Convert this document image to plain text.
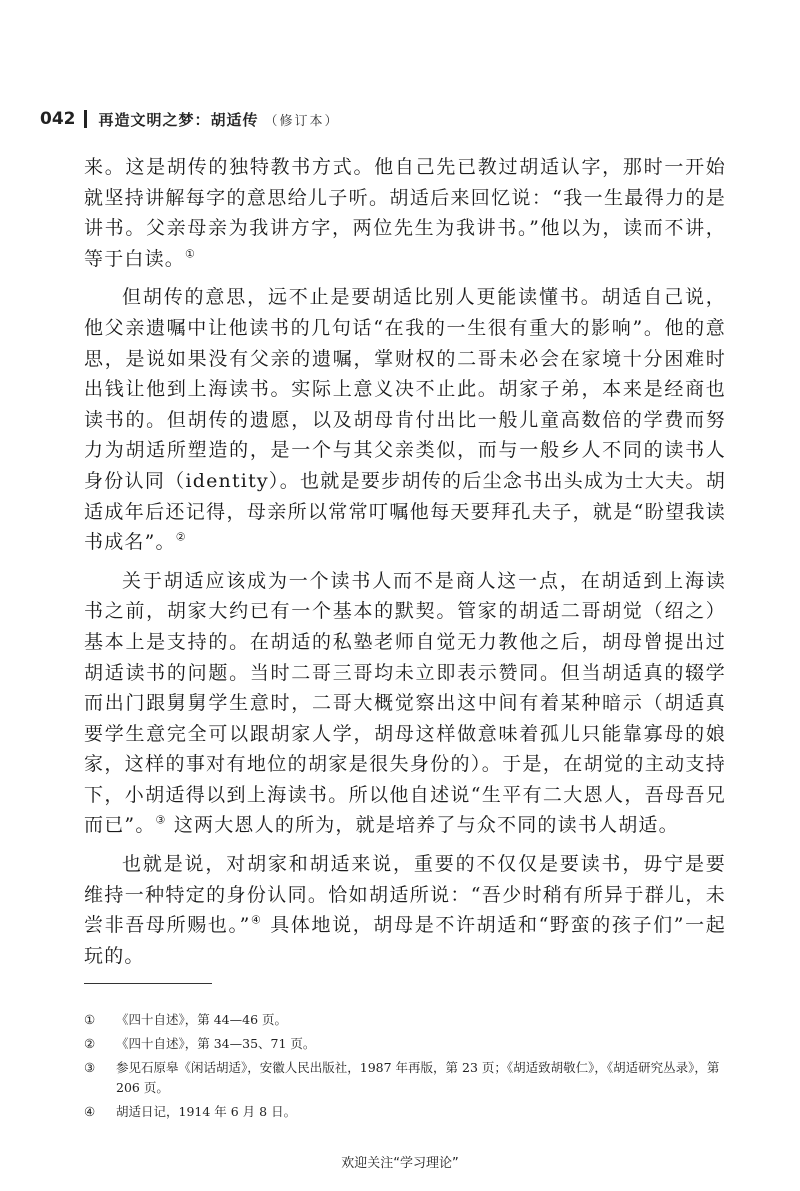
042 再造文明之梦：胡适传 （修订本）

来。这是胡传的独特教书方式。他自己先已教过胡适认字，那时一开始就坚持讲解每字的意思给儿子听。胡适后来回忆说：“我一生最得力的是讲书。父亲母亲为我讲方字，两位先生为我讲书。”他以为，读而不讲，等于白读。①

但胡传的意思，远不止是要胡适比别人更能读懂书。胡适自己说，他父亲遗嘱中让他读书的几句话“在我的一生很有重大的影响”。他的意思，是说如果没有父亲的遗嘱，掌财权的二哥未必会在家境十分困难时出钱让他到上海读书。实际上意义决不止此。胡家子弟，本来是经商也读书的。但胡传的遗愿，以及胡母肯付出比一般儿童高数倍的学费而努力为胡适所塑造的，是一个与其父亲类似，而与一般乡人不同的读书人身份认同（identity）。也就是要步胡传的后尘念书出头成为士大夫。胡适成年后还记得，母亲所以常常叮嘱他每天要拜孔夫子，就是“盼望我读书成名”。②

关于胡适应该成为一个读书人而不是商人这一点，在胡适到上海读书之前，胡家大约已有一个基本的默契。管家的胡适二哥胡觉（绍之）基本上是支持的。在胡适的私塾老师自觉无力教他之后，胡母曾提出过胡适读书的问题。当时二哥三哥均未立即表示赞同。但当胡适真的辍学而出门跟舅舅学生意时，二哥大概觉察出这中间有着某种暗示（胡适真要学生意完全可以跟胡家人学，胡母这样做意味着孤儿只能靠寡母的娘家，这样的事对有地位的胡家是很失身份的）。于是，在胡觉的主动支持下，小胡适得以到上海读书。所以他自述说“生平有二大恩人，吾母吾兄而已”。③ 这两大恩人的所为，就是培养了与众不同的读书人胡适。

也就是说，对胡家和胡适来说，重要的不仅仅是要读书，毋宁是要维持一种特定的身份认同。恰如胡适所说：“吾少时稍有所异于群儿，未尝非吾母所赐也。”④ 具体地说，胡母是不许胡适和“野蛮的孩子们”一起玩的。

①	《四十自述》，第 44—46 页。
②	《四十自述》，第 34—35、71 页。
③	参见石原皋《闲话胡适》，安徽人民出版社，1987 年再版，第 23 页；《胡适致胡敬仁》，《胡适研究丛录》，第 206 页。
④	胡适日记，1914 年 6 月 8 日。
欢迎关注“学习理论”
